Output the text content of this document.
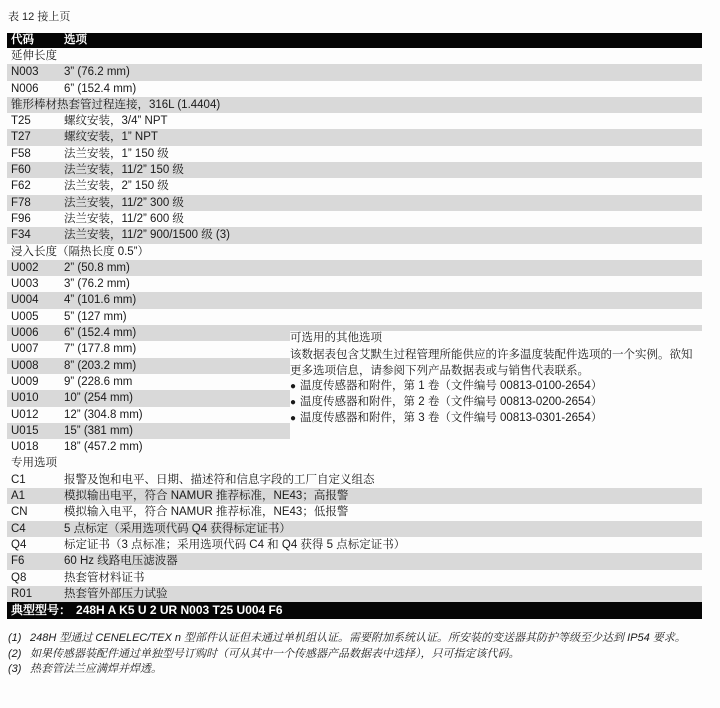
表 12 接上页
代码	选项
延伸长度
N003	3” (76.2 mm)
N006	6” (152.4 mm)
锥形棒材热套管过程连接，316L (1.4404)
T25	螺纹安装，3/4” NPT
T27	螺纹安装，1” NPT
F58	法兰安装，1” 150 级
F60	法兰安装，11/2” 150 级
F62	法兰安装，2” 150 级
F78	法兰安装，11/2” 300 级
F96	法兰安装，11/2” 600 级
F34	法兰安装，11/2” 900/1500 级 (3)
浸入长度（隔热长度 0.5”）
U002	2” (50.8 mm)
U003	3” (76.2 mm)
U004	4” (101.6 mm)
U005	5” (127 mm)
U006	6” (152.4 mm)
U007	7” (177.8 mm)
U008	8” (203.2 mm)
U009	9” (228.6 mm
U010	10” (254 mm)
U012	12” (304.8 mm)
U015	15” (381 mm)
U018	18” (457.2 mm)
专用选项
C1	报警及饱和电平、日期、描述符和信息字段的工厂自定义组态
A1	模拟输出电平，符合 NAMUR 推荐标准，NE43；高报警
CN	模拟输入电平，符合 NAMUR 推荐标准，NE43；低报警
C4	5 点标定（采用选项代码 Q4 获得标定证书）
Q4	标定证书（3 点标准；采用选项代码 C4 和 Q4 获得 5 点标定证书）
F6	60 Hz 线路电压滤波器
Q8	热套管材料证书
R01	热套管外部压力试验
典型型号： 248H A K5 U 2 UR N003 T25 U004 F6
可选用的其他选项
该数据表包含艾默生过程管理所能供应的许多温度装配件选项的一个实例。欲知更多选项信息，请参阅下列产品数据表或与销售代表联系。
● 温度传感器和附件，第 1 卷（文件编号 00813-0100-2654）
● 温度传感器和附件，第 2 卷（文件编号 00813-0200-2654）
● 温度传感器和附件，第 3 卷（文件编号 00813-0301-2654）
(1) 248H 型通过 CENELEC/TEX n 型部件认证但未通过单机组认证。需要附加系统认证。所安装的变送器其防护等级至少达到 IP54 要求。
(2) 如果传感器装配件通过单独型号订购时（可从其中一个传感器产品数据表中选择），只可指定该代码。
(3) 热套管法兰应满焊并焊透。
